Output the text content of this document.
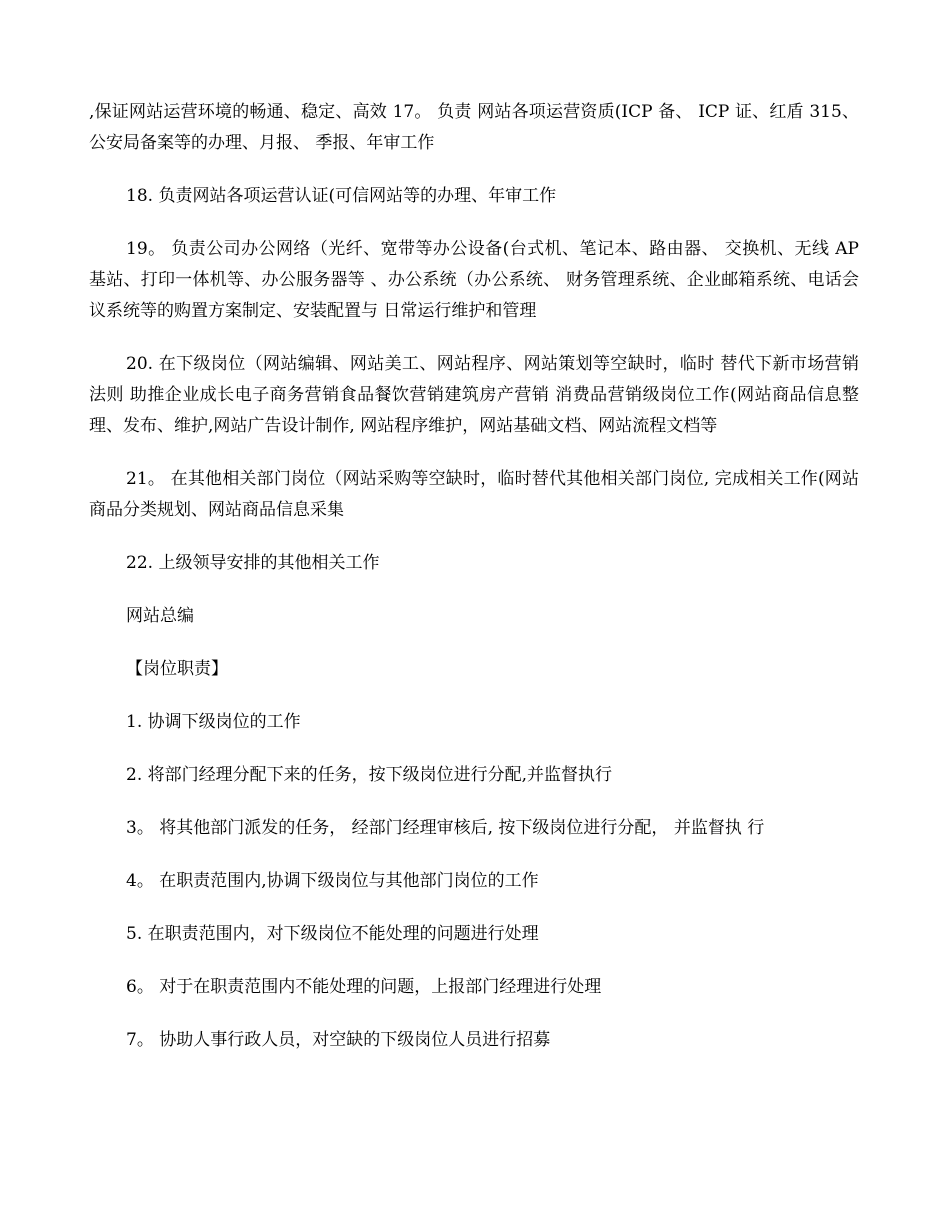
,保证网站运营环境的畅通、稳定、高效 17。 负责 网站各项运营资质(ICP 备、 ICP 证、红盾 315、公安局备案等的办理、月报、 季报、年审工作

18. 负责网站各项运营认证(可信网站等的办理、年审工作

19。 负责公司办公网络（光纤、宽带等办公设备(台式机、笔记本、路由器、 交换机、无线 AP 基站、打印一体机等、办公服务器等 、办公系统（办公系统、 财务管理系统、企业邮箱系统、电话会议系统等的购置方案制定、安装配置与 日常运行维护和管理

20. 在下级岗位（网站编辑、网站美工、网站程序、网站策划等空缺时，临时 替代下新市场营销法则 助推企业成长电子商务营销食品餐饮营销建筑房产营销 消费品营销级岗位工作(网站商品信息整理、发布、维护,网站广告设计制作, 网站程序维护，网站基础文档、网站流程文档等

21。 在其他相关部门岗位（网站采购等空缺时，临时替代其他相关部门岗位, 完成相关工作(网站商品分类规划、网站商品信息采集

22. 上级领导安排的其他相关工作

网站总编

【岗位职责】

1. 协调下级岗位的工作

2. 将部门经理分配下来的任务，按下级岗位进行分配,并监督执行

3。 将其他部门派发的任务， 经部门经理审核后, 按下级岗位进行分配， 并监督执 行

4。 在职责范围内,协调下级岗位与其他部门岗位的工作

5. 在职责范围内，对下级岗位不能处理的问题进行处理

6。 对于在职责范围内不能处理的问题，上报部门经理进行处理

7。 协助人事行政人员，对空缺的下级岗位人员进行招募
